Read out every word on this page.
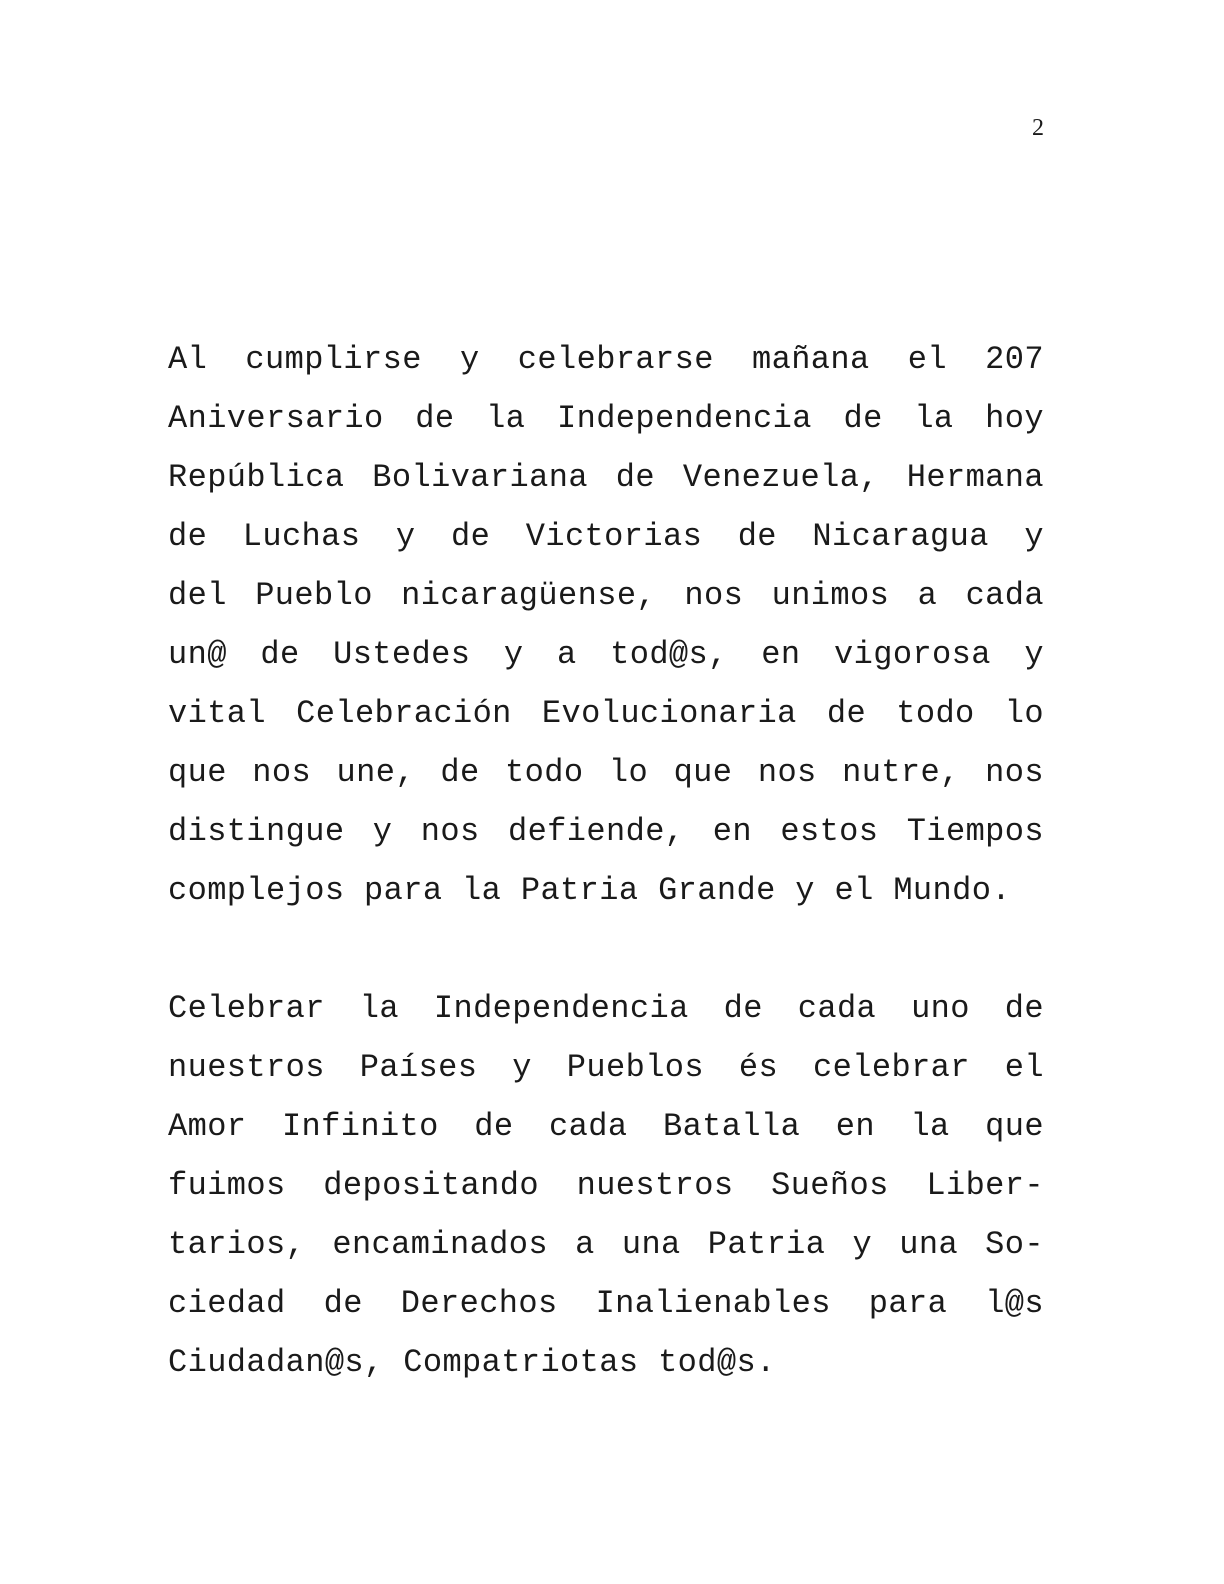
2

Al cumplirse y celebrarse mañana el 207
Aniversario de la Independencia de la hoy
República Bolivariana de Venezuela, Hermana
de Luchas y de Victorias de Nicaragua y
del Pueblo nicaragüense, nos unimos a cada
un@ de Ustedes y a tod@s, en vigorosa y
vital Celebración Evolucionaria de todo lo
que nos une, de todo lo que nos nutre, nos
distingue y nos defiende, en estos Tiempos
complejos para la Patria Grande y el Mundo.

Celebrar la Independencia de cada uno de
nuestros Países y Pueblos és celebrar el
Amor Infinito de cada Batalla en la que
fuimos depositando nuestros Sueños Liber-
tarios, encaminados a una Patria y una So-
ciedad de Derechos Inalienables para l@s
Ciudadan@s, Compatriotas tod@s.
